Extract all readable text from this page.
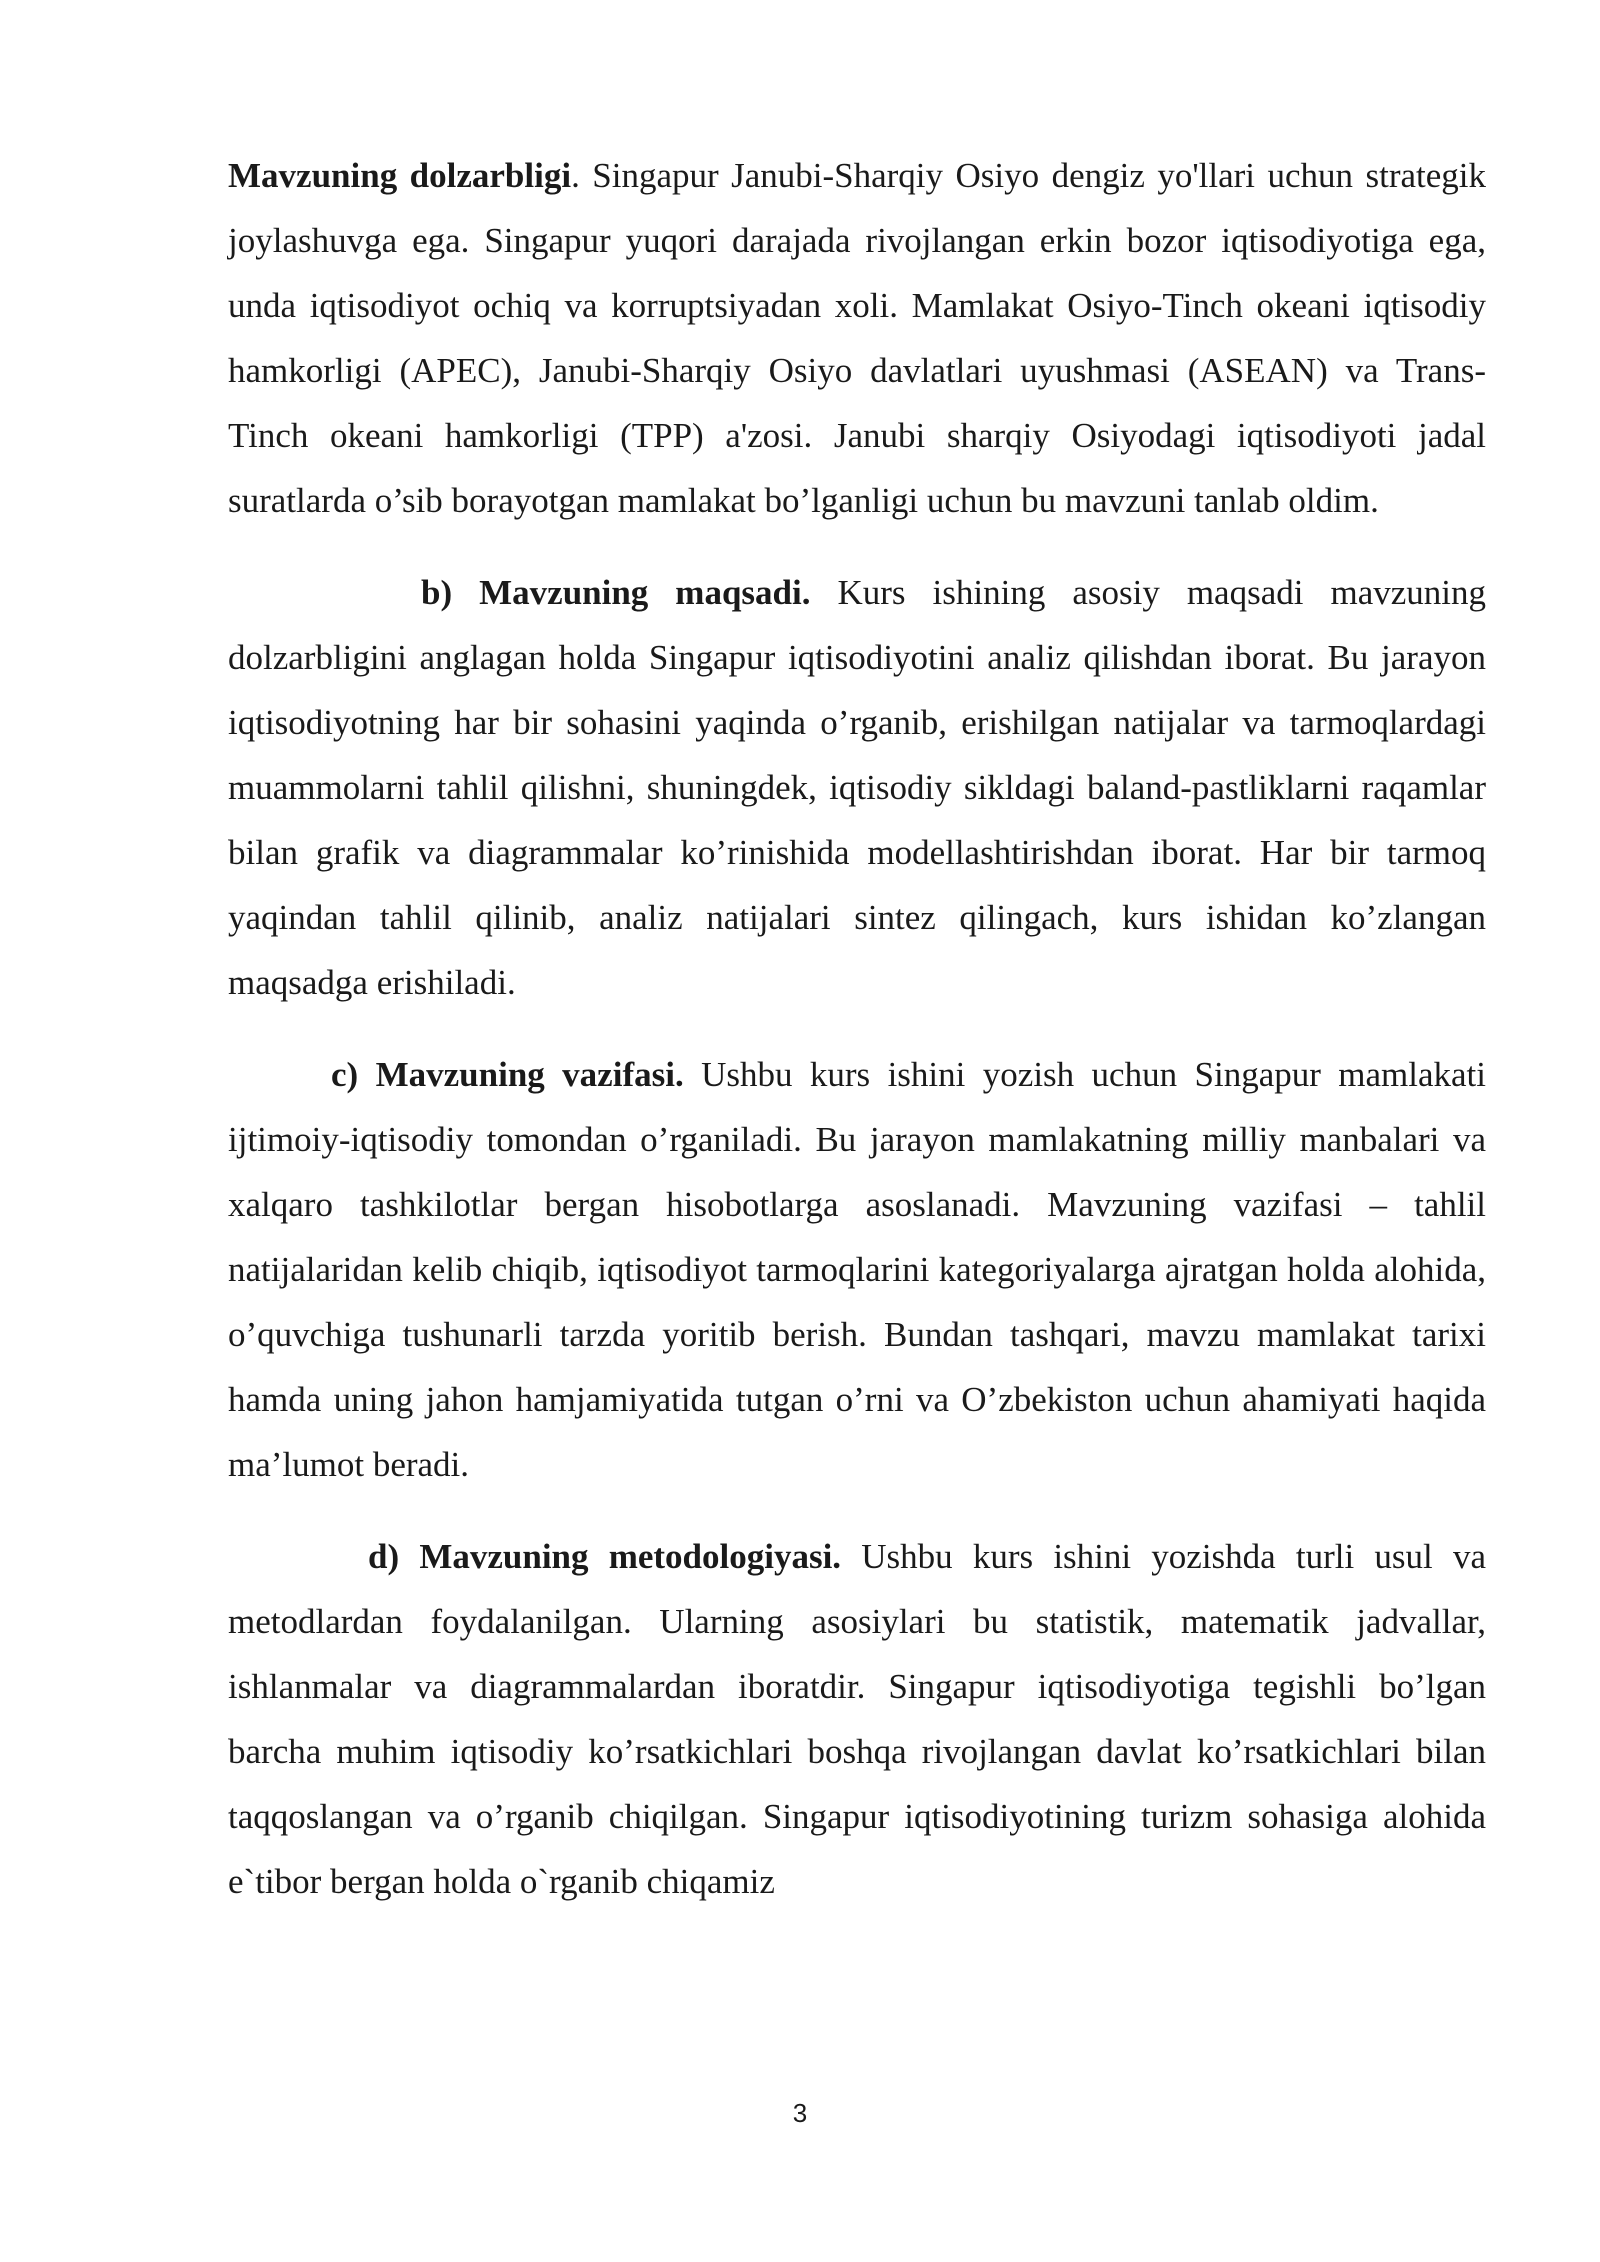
Mavzuning dolzarbligi. Singapur Janubi-Sharqiy Osiyo dengiz yo'llari uchun strategik joylashuvga ega. Singapur yuqori darajada rivojlangan erkin bozor iqtisodiyotiga ega, unda iqtisodiyot ochiq va korruptsiyadan xoli. Mamlakat Osiyo-Tinch okeani iqtisodiy hamkorligi (APEC), Janubi-Sharqiy Osiyo davlatlari uyushmasi (ASEAN) va Trans-Tinch okeani hamkorligi (TPP) a'zosi. Janubi sharqiy Osiyodagi iqtisodiyoti jadal suratlarda o’sib borayotgan mamlakat bo’lganligi uchun bu mavzuni tanlab oldim.

b) Mavzuning maqsadi. Kurs ishining asosiy maqsadi mavzuning dolzarbligini anglagan holda Singapur iqtisodiyotini analiz qilishdan iborat. Bu jarayon iqtisodiyotning har bir sohasini yaqinda o’rganib, erishilgan natijalar va tarmoqlardagi muammolarni tahlil qilishni, shuningdek, iqtisodiy sikldagi baland-pastliklarni raqamlar bilan grafik va diagrammalar ko’rinishida modellashtirishdan iborat. Har bir tarmoq yaqindan tahlil qilinib, analiz natijalari sintez qilingach, kurs ishidan ko’zlangan maqsadga erishiladi.

c) Mavzuning vazifasi. Ushbu kurs ishini yozish uchun Singapur mamlakati ijtimoiy-iqtisodiy tomondan o’rganiladi. Bu jarayon mamlakatning milliy manbalari va xalqaro tashkilotlar bergan hisobotlarga asoslanadi. Mavzuning vazifasi – tahlil natijalaridan kelib chiqib, iqtisodiyot tarmoqlarini kategoriyalarga ajratgan holda alohida, o’quvchiga tushunarli tarzda yoritib berish. Bundan tashqari, mavzu mamlakat tarixi hamda uning jahon hamjamiyatida tutgan o’rni va O’zbekiston uchun ahamiyati haqida ma’lumot beradi.

d) Mavzuning metodologiyasi. Ushbu kurs ishini yozishda turli usul va metodlardan foydalanilgan. Ularning asosiylari bu statistik, matematik jadvallar, ishlanmalar va diagrammalardan iboratdir. Singapur iqtisodiyotiga tegishli bo’lgan barcha muhim iqtisodiy ko’rsatkichlari boshqa rivojlangan davlat ko’rsatkichlari bilan taqqoslangan va o’rganib chiqilgan. Singapur iqtisodiyotining turizm sohasiga alohida e`tibor bergan holda o`rganib chiqamiz

3
